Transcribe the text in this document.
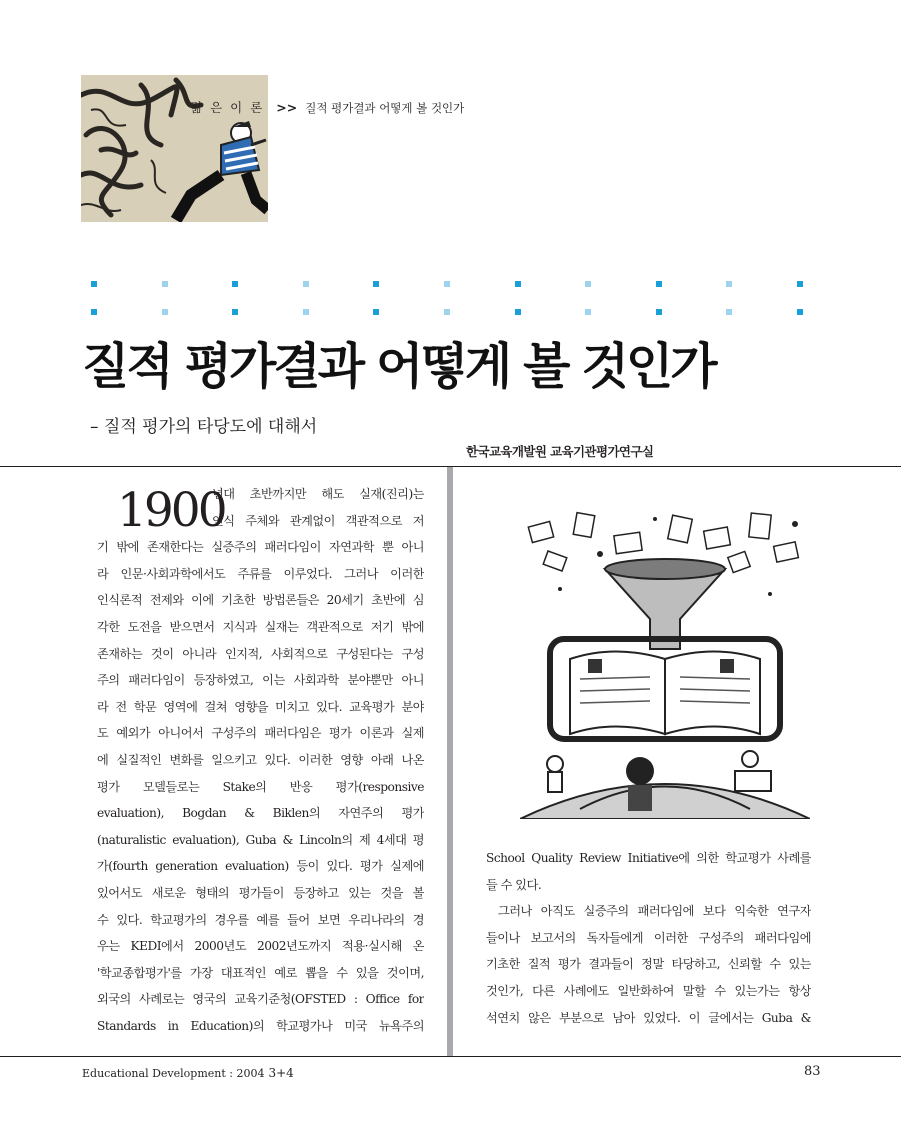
젊은이론 >> 질적 평가결과 어떻게 볼 것인가
질적 평가결과 어떻게 볼 것인가
– 질적 평가의 타당도에 대해서
한국교육개발원 교육기관평가연구실
1900

년대 초반까지만 해도 실재(진리)는

인식 주체와 관계없이 객관적으로 저

기 밖에 존재한다는 실증주의 패러다임이 자연과학 뿐 아니

라 인문·사회과학에서도 주류를 이루었다. 그러나 이러한

인식론적 전제와 이에 기초한 방법론들은 20세기 초반에 심

각한 도전을 받으면서 지식과 실재는 객관적으로 저기 밖에

존재하는 것이 아니라 인지적, 사회적으로 구성된다는 구성

주의 패러다임이 등장하였고, 이는 사회과학 분야뿐만 아니

라 전 학문 영역에 걸쳐 영향을 미치고 있다. 교육평가 분야

도 예외가 아니어서 구성주의 패러다임은 평가 이론과 실제

에 실질적인 변화를 일으키고 있다. 이러한 영향 아래 나온

평가 모델들로는 Stake의 반응 평가(responsive

evaluation), Bogdan & Biklen의 자연주의 평가

(naturalistic evaluation), Guba & Lincoln의 제 4세대 평

가(fourth generation evaluation) 등이 있다. 평가 실제에

있어서도 새로운 형태의 평가들이 등장하고 있는 것을 볼

수 있다. 학교평가의 경우를 예를 들어 보면 우리나라의 경

우는 KEDI에서 2000년도 2002년도까지 적용·실시해 온

'학교종합평가'를 가장 대표적인 예로 뽑을 수 있을 것이며,

외국의 사례로는 영국의 교육기준청(OFSTED : Office for

Standards in Education)의 학교평가나 미국 뉴욕주의

School Quality Review Initiative에 의한 학교평가 사례를

들 수 있다.

그러나 아직도 실증주의 패러다임에 보다 익숙한 연구자

들이나 보고서의 독자들에게 이러한 구성주의 패러다임에

기초한 질적 평가 결과들이 정말 타당하고, 신뢰할 수 있는

것인가, 다른 사례에도 일반화하여 말할 수 있는가는 항상

석연치 않은 부분으로 남아 있었다. 이 글에서는 Guba &

Educational Development : 2004 3+4	83
